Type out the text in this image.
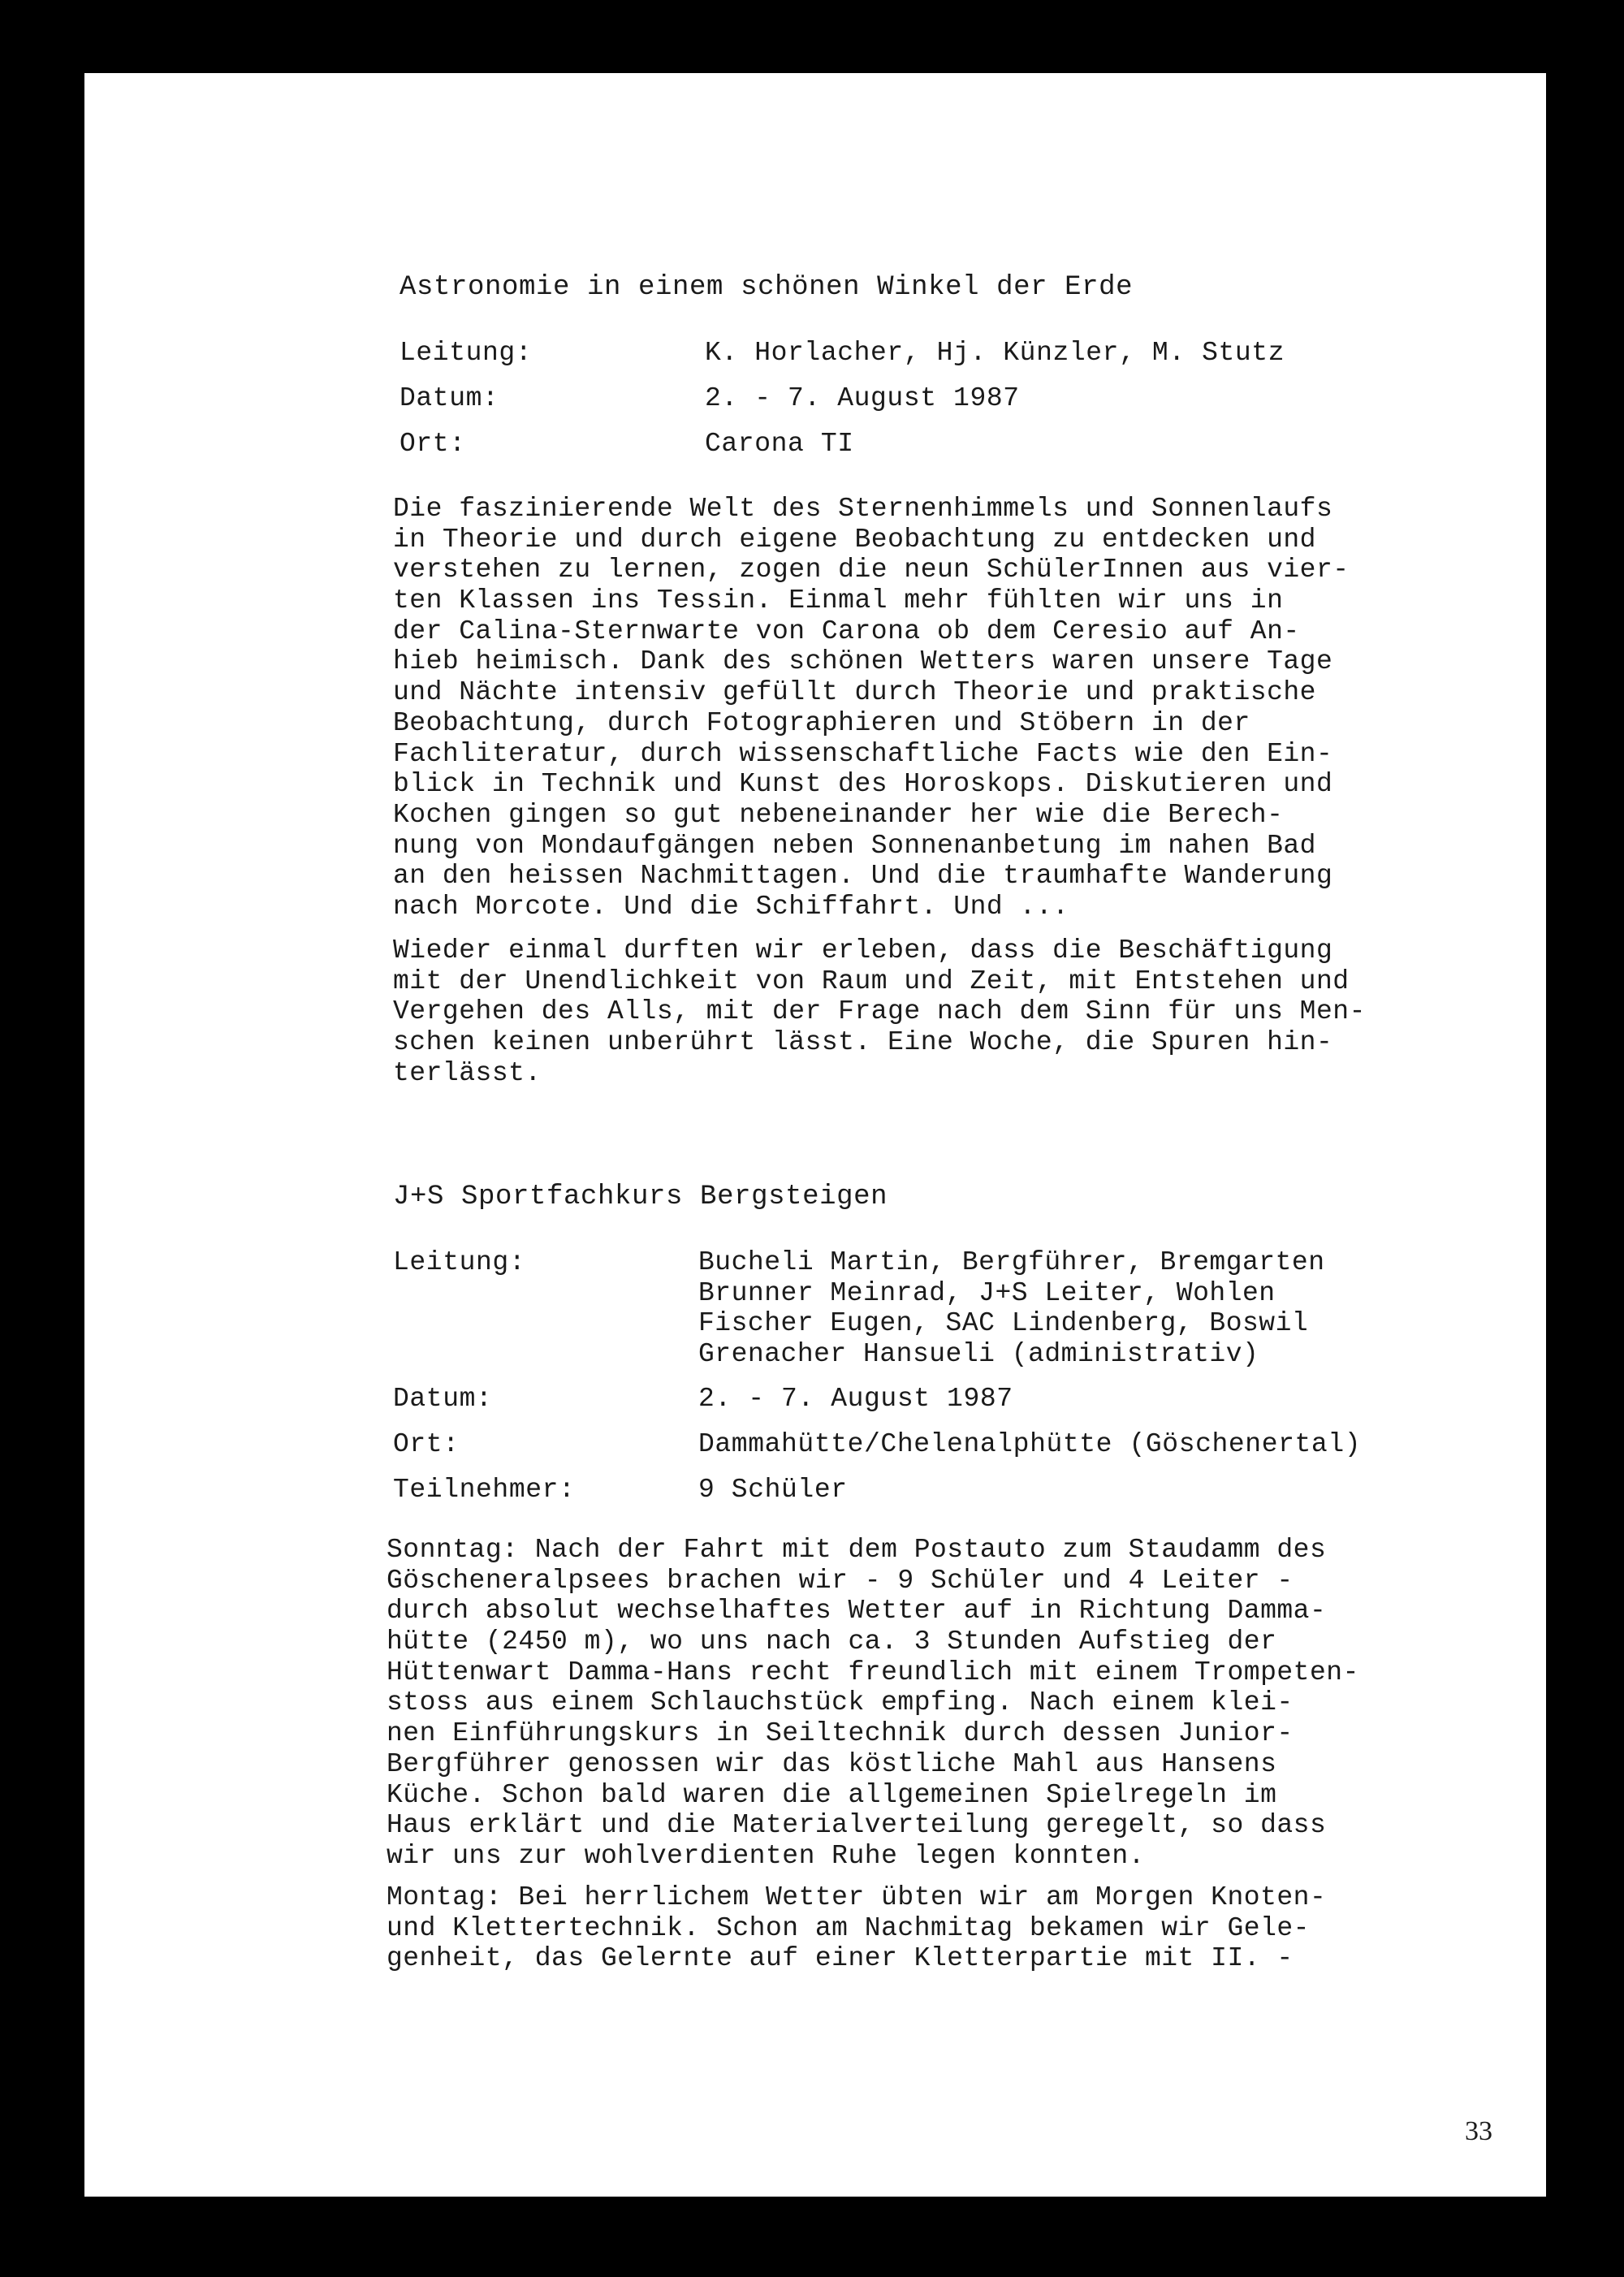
Astronomie in einem schönen Winkel der Erde
Leitung:	K. Horlacher, Hj. Künzler, M. Stutz
Datum:	2. - 7. August 1987
Ort:	Carona TI
Die faszinierende Welt des Sternenhimmels und Sonnenlaufs
in Theorie und durch eigene Beobachtung zu entdecken und
verstehen zu lernen, zogen die neun SchülerInnen aus vier-
ten Klassen ins Tessin. Einmal mehr fühlten wir uns in
der Calina-Sternwarte von Carona ob dem Ceresio auf An-
hieb heimisch. Dank des schönen Wetters waren unsere Tage
und Nächte intensiv gefüllt durch Theorie und praktische
Beobachtung, durch Fotographieren und Stöbern in der
Fachliteratur, durch wissenschaftliche Facts wie den Ein-
blick in Technik und Kunst des Horoskops. Diskutieren und
Kochen gingen so gut nebeneinander her wie die Berech-
nung von Mondaufgängen neben Sonnenanbetung im nahen Bad
an den heissen Nachmittagen. Und die traumhafte Wanderung
nach Morcote. Und die Schiffahrt. Und ...
Wieder einmal durften wir erleben, dass die Beschäftigung
mit der Unendlichkeit von Raum und Zeit, mit Entstehen und
Vergehen des Alls, mit der Frage nach dem Sinn für uns Men-
schen keinen unberührt lässt. Eine Woche, die Spuren hin-
terlässt.
J+S Sportfachkurs Bergsteigen
Leitung:	Bucheli Martin, Bergführer, Bremgarten
Brunner Meinrad, J+S Leiter, Wohlen
Fischer Eugen, SAC Lindenberg, Boswil
Grenacher Hansueli (administrativ)
Datum:	2. - 7. August 1987
Ort:	Dammahütte/Chelenalphütte (Göschenertal)
Teilnehmer:	9 Schüler
Sonntag: Nach der Fahrt mit dem Postauto zum Staudamm des
Göscheneralpsees brachen wir - 9 Schüler und 4 Leiter -
durch absolut wechselhaftes Wetter auf in Richtung Damma-
hütte (2450 m), wo uns nach ca. 3 Stunden Aufstieg der
Hüttenwart Damma-Hans recht freundlich mit einem Trompeten-
stoss aus einem Schlauchstück empfing. Nach einem klei-
nen Einführungskurs in Seiltechnik durch dessen Junior-
Bergführer genossen wir das köstliche Mahl aus Hansens
Küche. Schon bald waren die allgemeinen Spielregeln im
Haus erklärt und die Materialverteilung geregelt, so dass
wir uns zur wohlverdienten Ruhe legen konnten.
Montag: Bei herrlichem Wetter übten wir am Morgen Knoten-
und Klettertechnik. Schon am Nachmitag bekamen wir Gele-
genheit, das Gelernte auf einer Kletterpartie mit II. -
33
